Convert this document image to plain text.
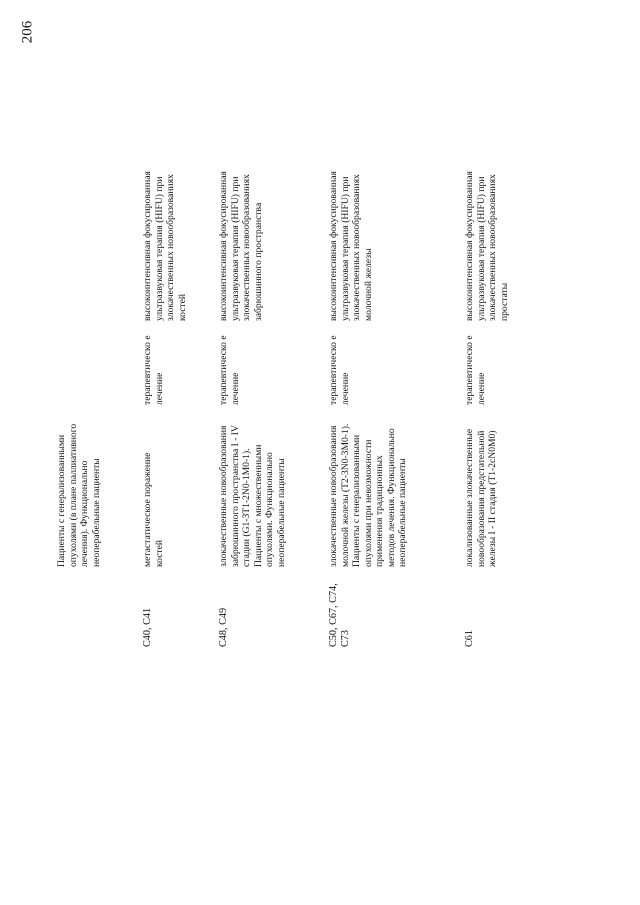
206

Пациенты с генерализованными опухолями (в плане паллиативного лечения). Функционально неоперабельные пациенты

C40, C41

метастатическое поражение костей

терапевтическо е лечение

высокоинтенсивная фокусированная ультразвуковая терапия (HIFU) при злокачественных новообразованиях костей

C48, C49

злокачественные новообразования забрюшинного пространства I - IV стадии (G1-3T1-2N0-1M0-1). Пациенты с множественными опухолями. Функционально неоперабельные пациенты

терапевтическо е лечение

высокоинтенсивная фокусированная ультразвуковая терапия (HIFU) при злокачественных новообразованиях забрюшинного пространства

C50, C67, C74, C73

злокачественные новообразования молочной железы (T2-3N0-3M0-1). Пациенты с генерализованными опухолями при невозможности применения традиционных методов лечения. Функционально неоперабельные пациенты

терапевтическо е лечение

высокоинтенсивная фокусированная ультразвуковая терапия (HIFU) при злокачественных новообразованиях молочной железы

C61

локализованные злокачественные новообразования предстательной железы I - II стадия (T1-2cN0M0)

терапевтическо е лечение

высокоинтенсивная фокусированная ультразвуковая терапия (HIFU) при злокачественных новообразованиях простаты
